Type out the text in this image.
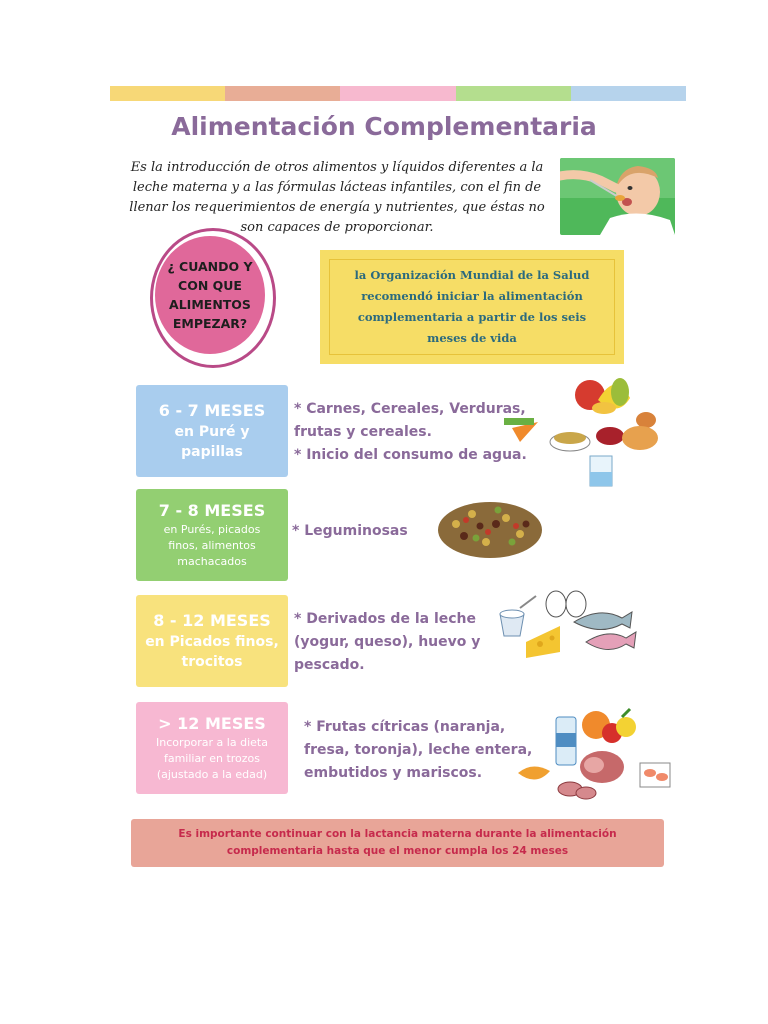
Alimentación Complementaria

Es la introducción de otros alimentos y líquidos diferentes a la leche materna y a las fórmulas lácteas infantiles, con el fin de llenar los requerimientos de energía y nutrientes, que éstas no son capaces de proporcionar.

¿ CUANDO Y CON QUE ALIMENTOS EMPEZAR?
la Organización Mundial de la Salud recomendó iniciar la alimentación complementaria a partir de los seis meses de vida
6 - 7 MESES
en Puré y papillas
* Carnes, Cereales, Verduras, frutas y cereales.
* Inicio del consumo de agua.
7 - 8 MESES
en Purés, picados finos, alimentos machacados
* Leguminosas
8 - 12 MESES
en Picados finos, trocitos
* Derivados de la leche (yogur, queso), huevo y pescado.
> 12 MESES
Incorporar a la dieta familiar en trozos (ajustado a la edad)
* Frutas cítricas (naranja, fresa, toronja), leche entera, embutidos y mariscos.
Es importante continuar con la lactancia materna durante la alimentación complementaria hasta que el menor cumpla los 24 meses
